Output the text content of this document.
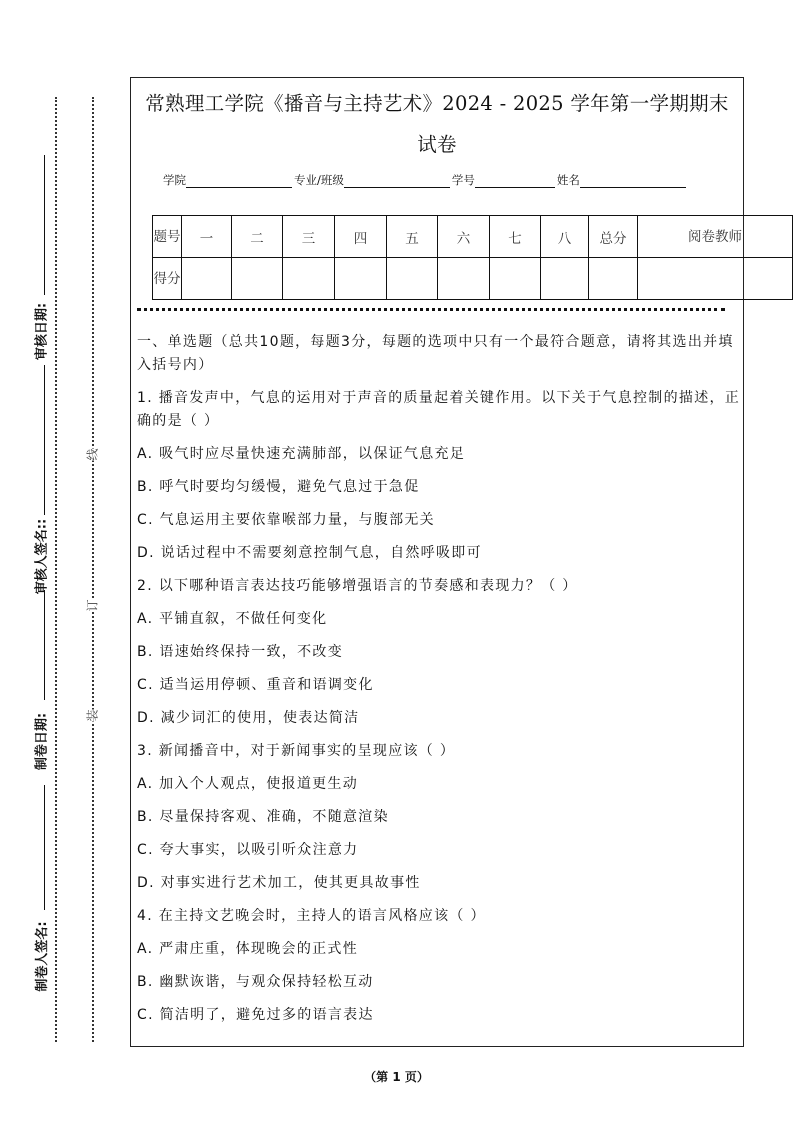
审核日期:
审核人签名::
制卷日期:
制卷人签名:
线
订
装
常熟理工学院《播音与主持艺术》2024 - 2025 学年第一学期期末
试卷
学院	专业/班级	学号	姓名
题号	一	二	三	四	五	六	七	八	总分	阅卷教师
得分										

一、单选题（总共10题，每题3分，每题的选项中只有一个最符合题意，请将其选出并填入括号内）

1. 播音发声中，气息的运用对于声音的质量起着关键作用。以下关于气息控制的描述，正确的是（ ）

A. 吸气时应尽量快速充满肺部，以保证气息充足

B. 呼气时要均匀缓慢，避免气息过于急促

C. 气息运用主要依靠喉部力量，与腹部无关

D. 说话过程中不需要刻意控制气息，自然呼吸即可

2. 以下哪种语言表达技巧能够增强语言的节奏感和表现力？（ ）

A. 平铺直叙，不做任何变化

B. 语速始终保持一致，不改变

C. 适当运用停顿、重音和语调变化

D. 减少词汇的使用，使表达简洁

3. 新闻播音中，对于新闻事实的呈现应该（ ）

A. 加入个人观点，使报道更生动

B. 尽量保持客观、准确，不随意渲染

C. 夸大事实，以吸引听众注意力

D. 对事实进行艺术加工，使其更具故事性

4. 在主持文艺晚会时，主持人的语言风格应该（ ）

A. 严肃庄重，体现晚会的正式性

B. 幽默诙谐，与观众保持轻松互动

C. 简洁明了，避免过多的语言表达

（第 1 页）
